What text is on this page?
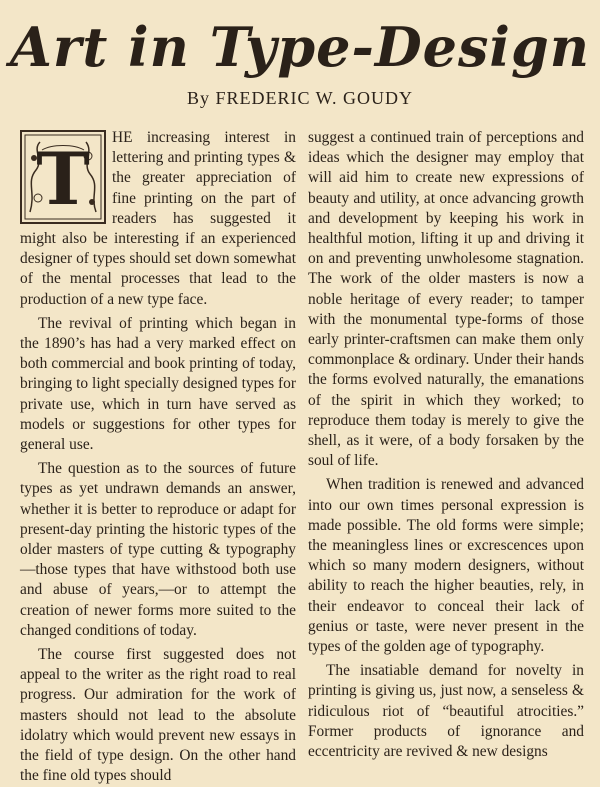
Art in Type-Design
By FREDERIC W. GOUDY
T	HE increasing interest in lettering and printing types & the greater appreciation of fine printing on the part of readers has suggested it might also be interesting if an experienced designer of types should set down somewhat of the mental processes that lead to the production of a new type face.

The revival of printing which began in the 1890’s has had a very marked effect on both commercial and book printing of today, bringing to light specially designed types for private use, which in turn have served as models or suggestions for other types for general use.

The question as to the sources of future types as yet undrawn demands an answer, whether it is better to reproduce or adapt for present-day printing the historic types of the older masters of type cutting & typography—those types that have withstood both use and abuse of years,—or to attempt the creation of newer forms more suited to the changed conditions of today.

The course first suggested does not appeal to the writer as the right road to real progress. Our admiration for the work of masters should not lead to the absolute idolatry which would prevent new essays in the field of type design. On the other hand the fine old types should

suggest a continued train of perceptions and ideas which the designer may employ that will aid him to create new expressions of beauty and utility, at once advancing growth and development by keeping his work in healthful motion, lifting it up and driving it on and preventing unwholesome stagnation. The work of the older masters is now a noble heritage of every reader; to tamper with the monumental type-forms of those early printer-craftsmen can make them only commonplace & ordinary. Under their hands the forms evolved naturally, the emanations of the spirit in which they worked; to reproduce them today is merely to give the shell, as it were, of a body forsaken by the soul of life.

When tradition is renewed and advanced into our own times personal expression is made possible. The old forms were simple; the meaningless lines or excrescences upon which so many modern designers, without ability to reach the higher beauties, rely, in their endeavor to conceal their lack of genius or taste, were never present in the types of the golden age of typography.

The insatiable demand for novelty in printing is giving us, just now, a senseless & ridiculous riot of “beautiful atrocities.” Former products of ignorance and eccentricity are revived & new designs
